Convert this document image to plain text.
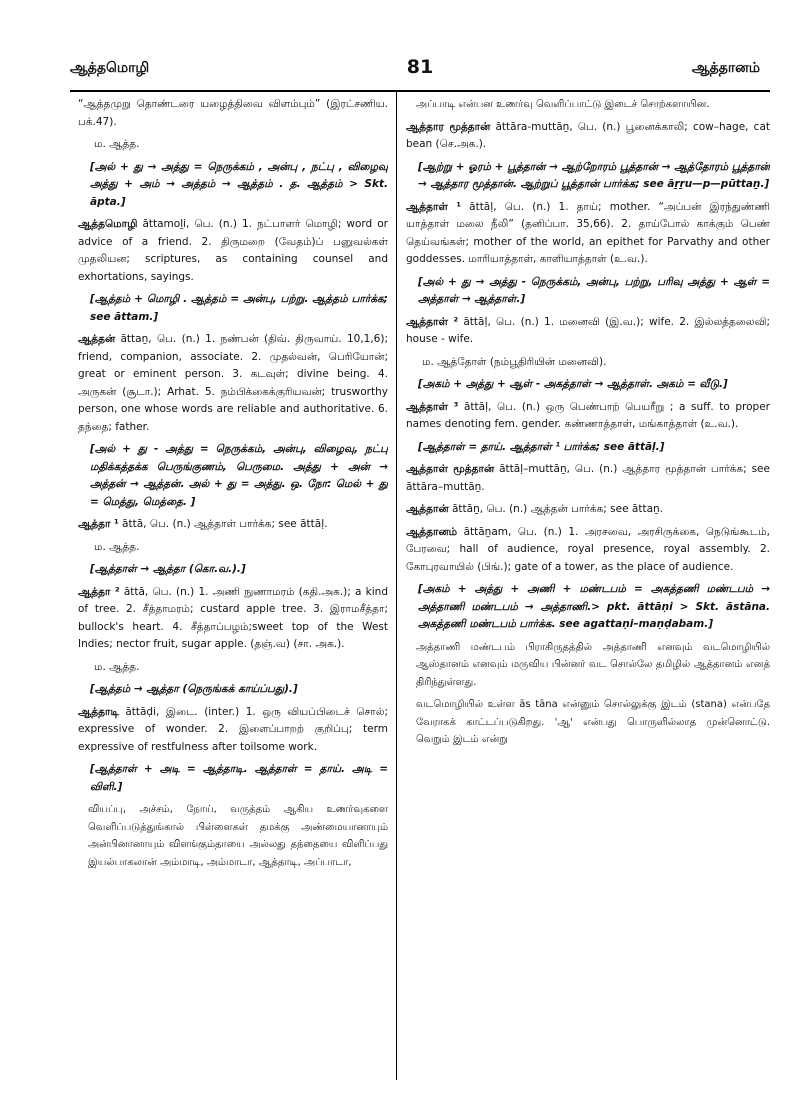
ஆத்தமொழி	81	ஆத்தானம்
“ஆத்தமுறு தொண்டரை யழைத்திவை விளம்பும்” (இரட்சணிய. பக்.47).
ம. ஆத்த.
[அல் + து → அத்து = நெருக்கம் , அன்பு , நட்பு , விழைவு அத்து + அம் → அத்தம் → ஆத்தம் . த. ஆத்தம் > Skt. āpta.]
ஆத்தமொழி āttamoḻi, பெ. (n.) 1. நட்பாளர் மொழி; word or advice of a friend. 2. திருமறை (வேதம்)ப் பனுவல்கள் முதலியன; scriptures, as containing counsel and exhortations, sayings.
[ஆத்தம் + மொழி . ஆத்தம் = அன்பு, பற்று. ஆத்தம் பார்க்க; see āttam.]
ஆத்தன் āttaṉ, பெ. (n.) 1. நண்பன் (திவ். திருவாய். 10,1,6); friend, companion, associate. 2. முதல்வன், பெரியோன்; great or eminent person. 3. கடவுள்; divine being. 4. அருகன் (சூடா.); Arhat. 5. நம்பிக்கைக்குரியவன்; trusworthy person, one whose words are reliable and authoritative. 6. தந்தை; father.
[அல் + து - அத்து = நெருக்கம், அன்பு, விழைவு, நட்பு மதிக்கத்தக்க பெருங்குணம், பெருமை. அத்து + அன் → அத்தன் → ஆத்தன். அல் + து = அத்து. ஒ. நோ: மெல் + து = மெத்து, மெத்தை. ]
ஆத்தா ¹ āttā, பெ. (n.) ஆத்தாள் பார்க்க; see āttāḷ.
ம. ஆத்த.
[ஆத்தாள் → ஆத்தா (கொ.வ.).]
ஆத்தா ² āttā, பெ. (n.) 1. அணி நுணாமரம் (கதி.அக.); a kind of tree. 2. சீத்தாமரம்; custard apple tree. 3. இராமசீத்தா; bullock's heart. 4. சீத்தாப்பழம்;sweet top of the West Indies; nector fruit, sugar apple. (தஞ்.வ) (சா. அக.).
ம. ஆத்த.
[ஆத்தம் → ஆத்தா (நெருங்கக் காய்ப்பது).]
ஆத்தாடி āttāḍi, இடை. (inter.) 1. ஒரு வியப்பிடைச் சொல்; expressive of wonder. 2. இளைப்பாறற் குறிப்பு; term expressive of restfulness after toilsome work.
[ஆத்தாள் + அடி = ஆத்தாடி. ஆத்தாள் = தாய். அடி = விளி.]
வியப்பு, அச்சம், நோய், வருத்தம் ஆகிய உணர்வுகளை வெளிப்படுத்துங்கால் பிள்ளைகள் தமக்கு அண்மையானாயும் அன்பினானாயும் விளங்கும்தாயை அல்லது தந்தையை விளிப்பது இயல்பாகலான் அம்மாடி, அம்மாடா, ஆத்தாடி, அப்பாடா,
அப்பாடி என்பன உணர்வு வெளிப்பாட்டு இடைச் சொற்களாயின.
ஆத்தார மூத்தான் āttāra-muttāṉ, பெ. (n.) பூனைக்காலி; cow–hage, cat bean (செ.அக.).
[ஆற்று + ஓரம் + பூத்தான் → ஆற்றோரம் பூத்தான் → ஆத்தோரம் பூத்தான் → ஆத்தார மூத்தான். ஆற்றுப் பூத்தான் பார்க்க; see āṟṟu—p—pūttaṉ.]
ஆத்தாள் ¹ āttāḷ, பெ. (n.) 1. தாய்; mother. “அப்பன் இரந்துண்ணி யாத்தாள் மலை நீலி” (தனிப்பா. 35,66). 2. தாய்போல் காக்கும் பெண் தெய்வங்கள்; mother of the world, an epithet for Parvathy and other goddesses. மாரியாத்தாள், காளியாத்தாள் (உ.வ.).
[அல் + து → அத்து - நெருக்கம், அன்பு, பற்று, பரிவு அத்து + ஆள் = அத்தாள் → ஆத்தாள்.]
ஆத்தாள் ² āttāḷ, பெ. (n.) 1. மனைவி (இ.வ.); wife. 2. இல்லத்தலைவி; house - wife.
ம. ஆத்தோள் (நம்பூதிரியின் மனைவி).
[அகம் + அத்து + ஆள் - அகத்தாள் → ஆத்தாள். அகம் = வீடு.]
ஆத்தாள் ³ āttāḷ, பெ. (n.) ஒரு பெண்பாற் பெயரீறு ; a suff. to proper names denoting fem. gender. கண்ணாத்தாள், மங்காத்தாள் (உ.வ.).
[ஆத்தாள் = தாய். ஆத்தாள் ¹ பார்க்க; see āttāḷ.]
ஆத்தாள் மூத்தான் āttāḷ–muttāṉ, பெ. (n.) ஆத்தார மூத்தான் பார்க்க; see āttāra–muttāṉ.
ஆத்தான் āttāṉ, பெ. (n.) ஆத்தன் பார்க்க; see āttaṉ.
ஆத்தானம் āttāṉam, பெ. (n.) 1. அரசவை, அரசிருக்கை, நெடுங்கூடம், பேரவை; hall of audience, royal presence, royal assembly. 2. கோபுரவாயில் (பிங்.); gate of a tower, as the place of audience.
[அகம் + அத்து + அணி + மண்டபம் = அகத்தணி மண்டபம் → அத்தாணி மண்டபம் → அத்தாணி.> pkt. āttāṇi > Skt. āstāna. அகத்தணி மண்டபம் பார்க்க. see agattaṇi–maṇḍabam.]
அத்தாணி மண்டபம் பிராகிருதத்தில் அத்தாணி எனவும் வடமொழியில் ஆஸ்தானம் எனவும் மருவிய பின்னர் வட சொல்லே தமிழில் ஆத்தானம் எனத் திரிந்துள்ளது.
வடமொழியில் உள்ள ās tāna என்னும் சொல்லுக்கு இடம் (stana) என்பதே வேராகக் காட்டப்படுகிறது. 'ஆ' என்பது பொருளில்லாத முன்னொட்டு. வெறும் இடம் என்று
